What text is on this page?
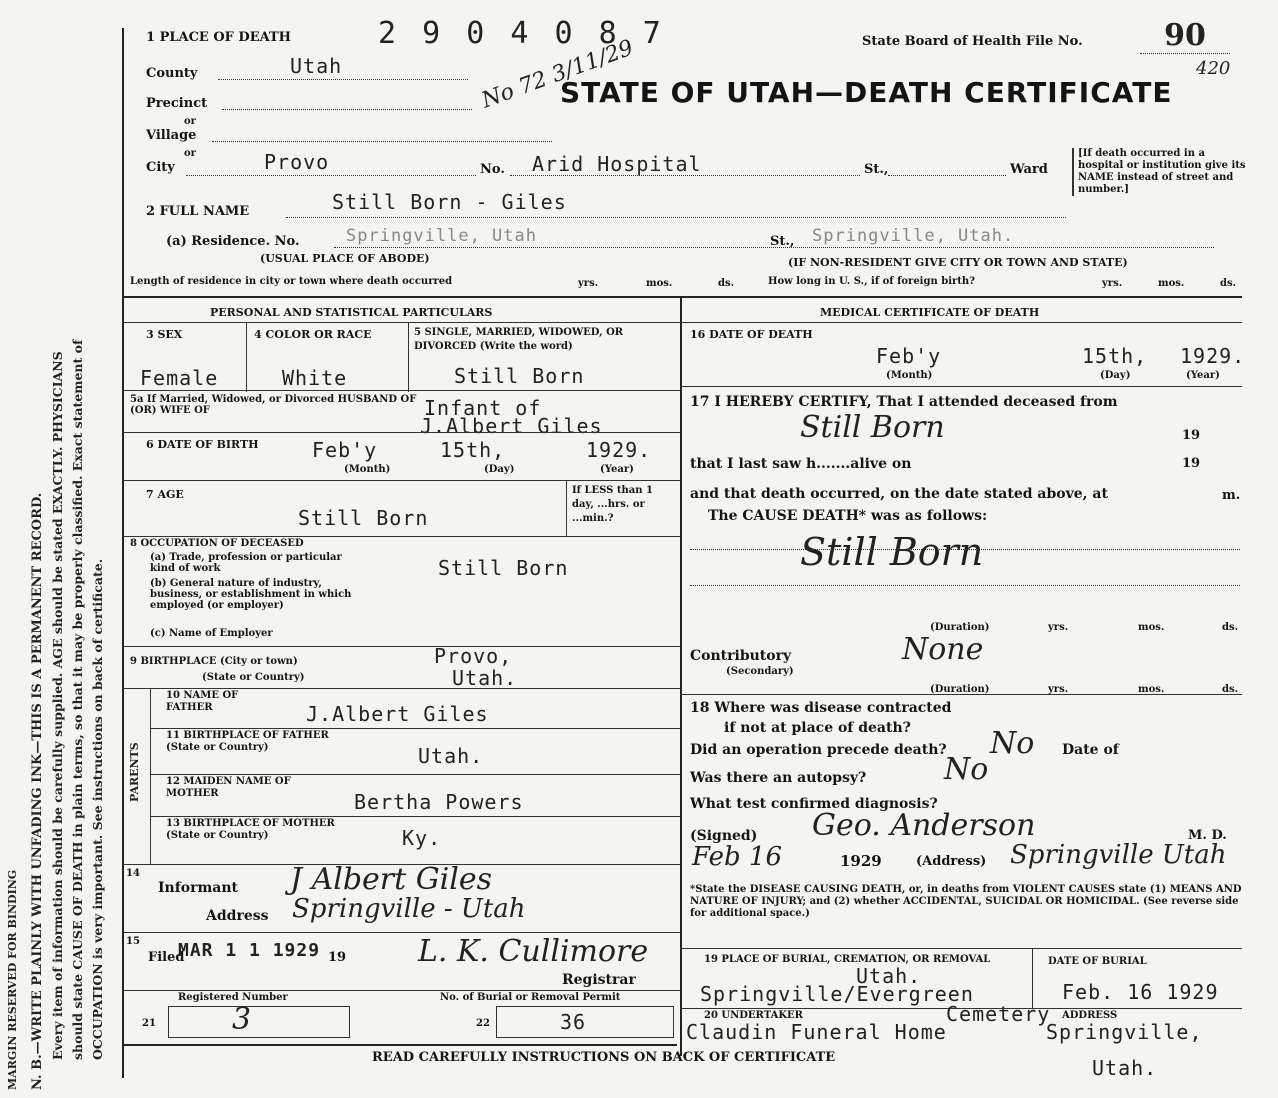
MARGIN RESERVED FOR BINDING N. B.—WRITE PLAINLY WITH UNFADING INK—THIS IS A PERMANENT RECORD. Every item of information should be carefully supplied. AGE should be stated EXACTLY. PHYSICIANS should state CAUSE OF DEATH in plain terms, so that it may be properly classified. Exact statement of OCCUPATION is very important. See instructions on back of certificate.
1 PLACE OF DEATH	2 9 0 4 0 8 7	State Board of Health File No.	90
420
No 72 3/11/29
STATE OF UTAH—DEATH CERTIFICATE
County	Utah
Precinct
or
Village
or
City	Provo	No. Arid Hospital	St.,	Ward
[If death occurred in a hospital or institution give its NAME instead of street and number.]
2 FULL NAME	Still Born - Giles
(a) Residence. No.	Springville, Utah	St., Springville, Utah.
(USUAL PLACE OF ABODE)	(IF NON-RESIDENT GIVE CITY OR TOWN AND STATE)
Length of residence in city or town where death occurred	yrs.	mos.	ds.	How long in U. S., if of foreign birth?	yrs.	mos.	ds.
PERSONAL AND STATISTICAL PARTICULARS
3 SEX
Female
4 COLOR OR RACE
White
5 SINGLE, MARRIED, WIDOWED, OR DIVORCED (Write the word)
Still Born
5a If Married, Widowed, or Divorced HUSBAND OF (OR) WIFE OF	Infant of
J.Albert Giles
6 DATE OF BIRTH	Feb'y	15th,	1929.
(Month)	(Day)	(Year)
7 AGE
Still Born
If LESS than 1 day, ...hrs. or ...min.?
8 OCCUPATION OF DECEASED
(a) Trade, profession or particular kind of work
(b) General nature of industry, business, or establishment in which employed (or employer)
Still Born
(c) Name of Employer
9 BIRTHPLACE (City or town)
(State or Country)
Provo,
Utah.
PARENTS
10 NAME OF FATHER	J.Albert Giles
11 BIRTHPLACE OF FATHER (State or Country)	Utah.
12 MAIDEN NAME OF MOTHER	Bertha Powers
13 BIRTHPLACE OF MOTHER (State or Country)	Ky.
14
Informant J Albert Giles
Address Springville - Utah
15
Filed
MAR 1 1 1929 19 L. K. Cullimore
Registrar
Registered Number
21	3
No. of Burial or Removal Permit
22	36
MEDICAL CERTIFICATE OF DEATH
16 DATE OF DEATH
Feb'y	15th, 1929.
(Month)	(Day)	(Year)
17 I HEREBY CERTIFY, That I attended deceased from
Still Born	19
that I last saw h.......alive on	19
and that death occurred, on the date stated above, at	m.
The CAUSE DEATH* was as follows:
Still Born
(Duration)	yrs.	mos.	ds.
Contributory
(Secondary)
None
(Duration)	yrs.	mos.	ds.
18 Where was disease contracted
if not at place of death?
Did an operation precede death? No Date of
Was there an autopsy?	No
What test confirmed diagnosis?
(Signed) Geo. Anderson	M. D.
Feb 16	1929	(Address) Springville Utah
*State the DISEASE CAUSING DEATH, or, in deaths from VIOLENT CAUSES state (1) MEANS AND NATURE OF INJURY; and (2) whether ACCIDENTAL, SUICIDAL OR HOMICIDAL. (See reverse side for additional space.)
19 PLACE OF BURIAL, CREMATION, OR REMOVAL
Utah.
Springville/Evergreen
Cemetery
DATE OF BURIAL
Feb. 16 1929
20 UNDERTAKER
Claudin Funeral Home
ADDRESS
Springville,
Utah.
READ CAREFULLY INSTRUCTIONS ON BACK OF CERTIFICATE
